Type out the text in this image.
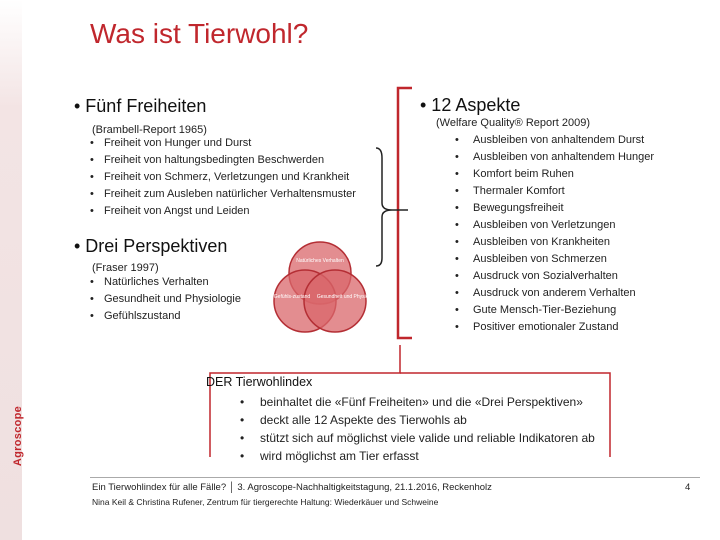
Agroscope
Was ist Tierwohl?
• Fünf Freiheiten
(Brambell-Report 1965)
• Freiheit von Hunger und Durst
• Freiheit von haltungsbedingten Beschwerden
• Freiheit von Schmerz, Verletzungen und Krankheit
• Freiheit zum Ausleben natürlicher Verhaltensmuster
• Freiheit von Angst und Leiden
• Drei Perspektiven
(Fraser 1997)
• Natürliches Verhalten
• Gesundheit und Physiologie
• Gefühlszustand
Natürliches Verhalten
Gefühls-zustand Gesundheit und Physiologie
• 12 Aspekte
(Welfare Quality® Report 2009)
• Ausbleiben von anhaltendem Durst
• Ausbleiben von anhaltendem Hunger
• Komfort beim Ruhen
• Thermaler Komfort
• Bewegungsfreiheit
• Ausbleiben von Verletzungen
• Ausbleiben von Krankheiten
• Ausbleiben von Schmerzen
• Ausdruck von Sozialverhalten
• Ausdruck von anderem Verhalten
• Gute Mensch-Tier-Beziehung
• Positiver emotionaler Zustand
DER Tierwohlindex
• beinhaltet die «Fünf Freiheiten» und die «Drei Perspektiven»
• deckt alle 12 Aspekte des Tierwohls ab
• stützt sich auf möglichst viele valide und reliable Indikatoren ab
• wird möglichst am Tier erfasst
Ein Tierwohlindex für alle Fälle? │ 3. Agroscope-Nachhaltigkeitstagung, 21.1.2016, Reckenholz
Nina Keil & Christina Rufener, Zentrum für tiergerechte Haltung: Wiederkäuer und Schweine
4
